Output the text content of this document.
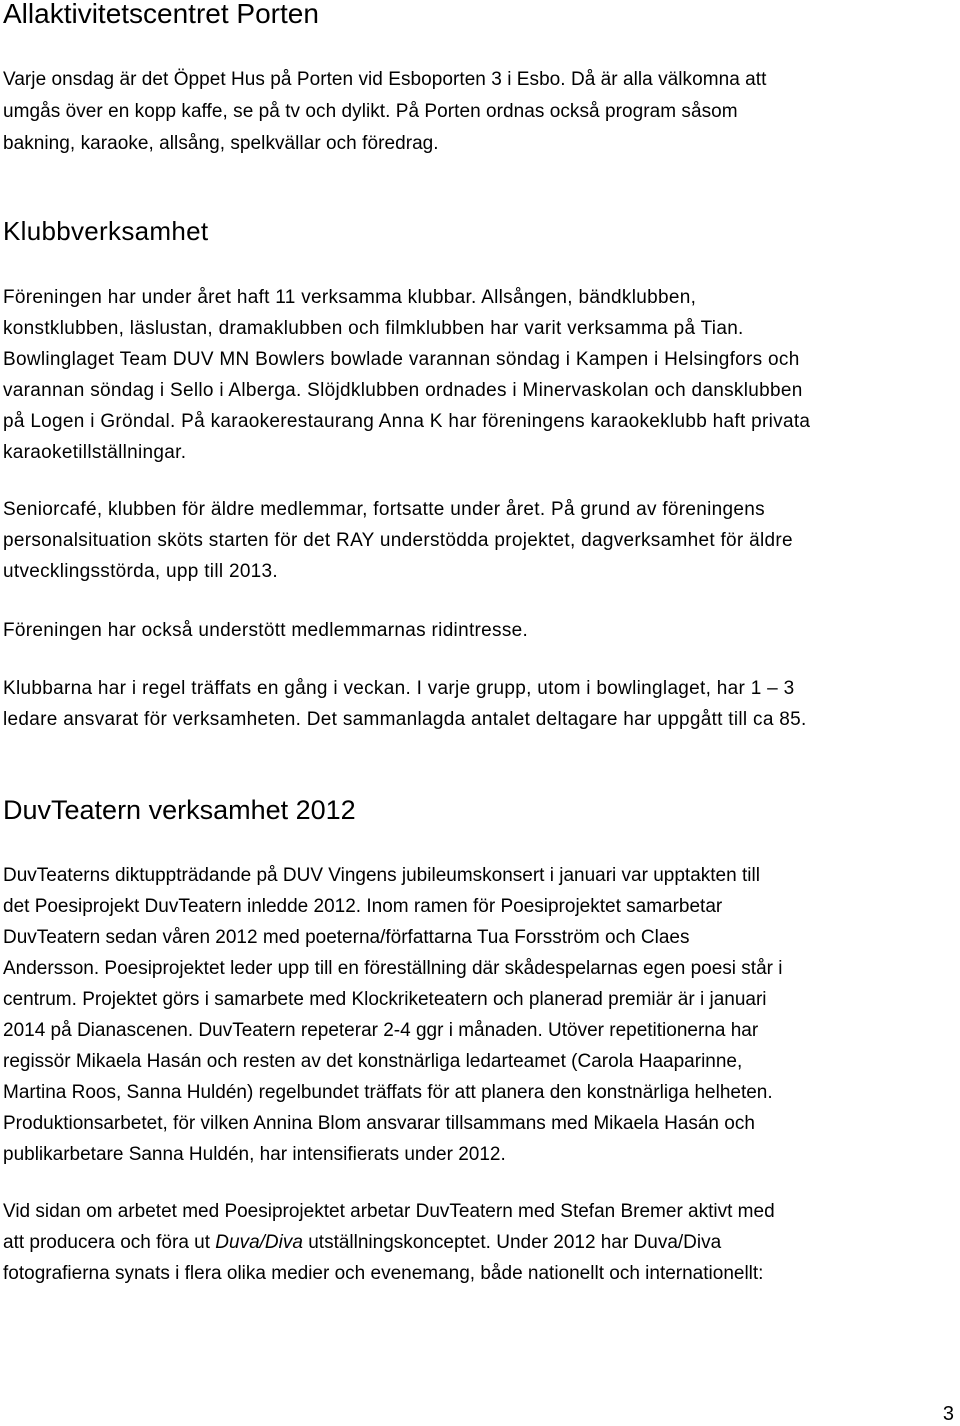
Allaktivitetscentret Porten

Varje onsdag är det Öppet Hus på Porten vid Esboporten 3 i Esbo. Då är alla välkomna att
umgås över en kopp kaffe, se på tv och dylikt. På Porten ordnas också program såsom
bakning, karaoke, allsång, spelkvällar och föredrag.

Klubbverksamhet

Föreningen har under året haft 11 verksamma klubbar. Allsången, bändklubben,
konstklubben, läslustan, dramaklubben och filmklubben har varit verksamma på Tian.
Bowlinglaget Team DUV MN Bowlers bowlade varannan söndag i Kampen i Helsingfors och
varannan söndag i Sello i Alberga. Slöjdklubben ordnades i Minervaskolan och dansklubben
på Logen i Gröndal. På karaokerestaurang Anna K har föreningens karaokeklubb haft privata
karaoketillställningar.

Seniorcafé, klubben för äldre medlemmar, fortsatte under året. På grund av föreningens
personalsituation sköts starten för det RAY understödda projektet, dagverksamhet för äldre
utvecklingsstörda, upp till 2013.

Föreningen har också understött medlemmarnas ridintresse.

Klubbarna har i regel träffats en gång i veckan. I varje grupp, utom i bowlinglaget, har 1 – 3
ledare ansvarat för verksamheten. Det sammanlagda antalet deltagare har uppgått till ca 85.

DuvTeatern verksamhet 2012

DuvTeaterns diktuppträdande på DUV Vingens jubileumskonsert i januari var upptakten till
det Poesiprojekt DuvTeatern inledde 2012. Inom ramen för Poesiprojektet samarbetar
DuvTeatern sedan våren 2012 med poeterna/författarna Tua Forsström och Claes
Andersson. Poesiprojektet leder upp till en föreställning där skådespelarnas egen poesi står i
centrum. Projektet görs i samarbete med Klockriketeatern och planerad premiär är i januari
2014 på Dianascenen. DuvTeatern repeterar 2-4 ggr i månaden. Utöver repetitionerna har
regissör Mikaela Hasán och resten av det konstnärliga ledarteamet (Carola Haaparinne,
Martina Roos, Sanna Huldén) regelbundet träffats för att planera den konstnärliga helheten.
Produktionsarbetet, för vilken Annina Blom ansvarar tillsammans med Mikaela Hasán och
publikarbetare Sanna Huldén, har intensifierats under 2012.

Vid sidan om arbetet med Poesiprojektet arbetar DuvTeatern med Stefan Bremer aktivt med
att producera och föra ut Duva/Diva utställningskonceptet. Under 2012 har Duva/Diva
fotografierna synats i flera olika medier och evenemang, både nationellt och internationellt:

3
